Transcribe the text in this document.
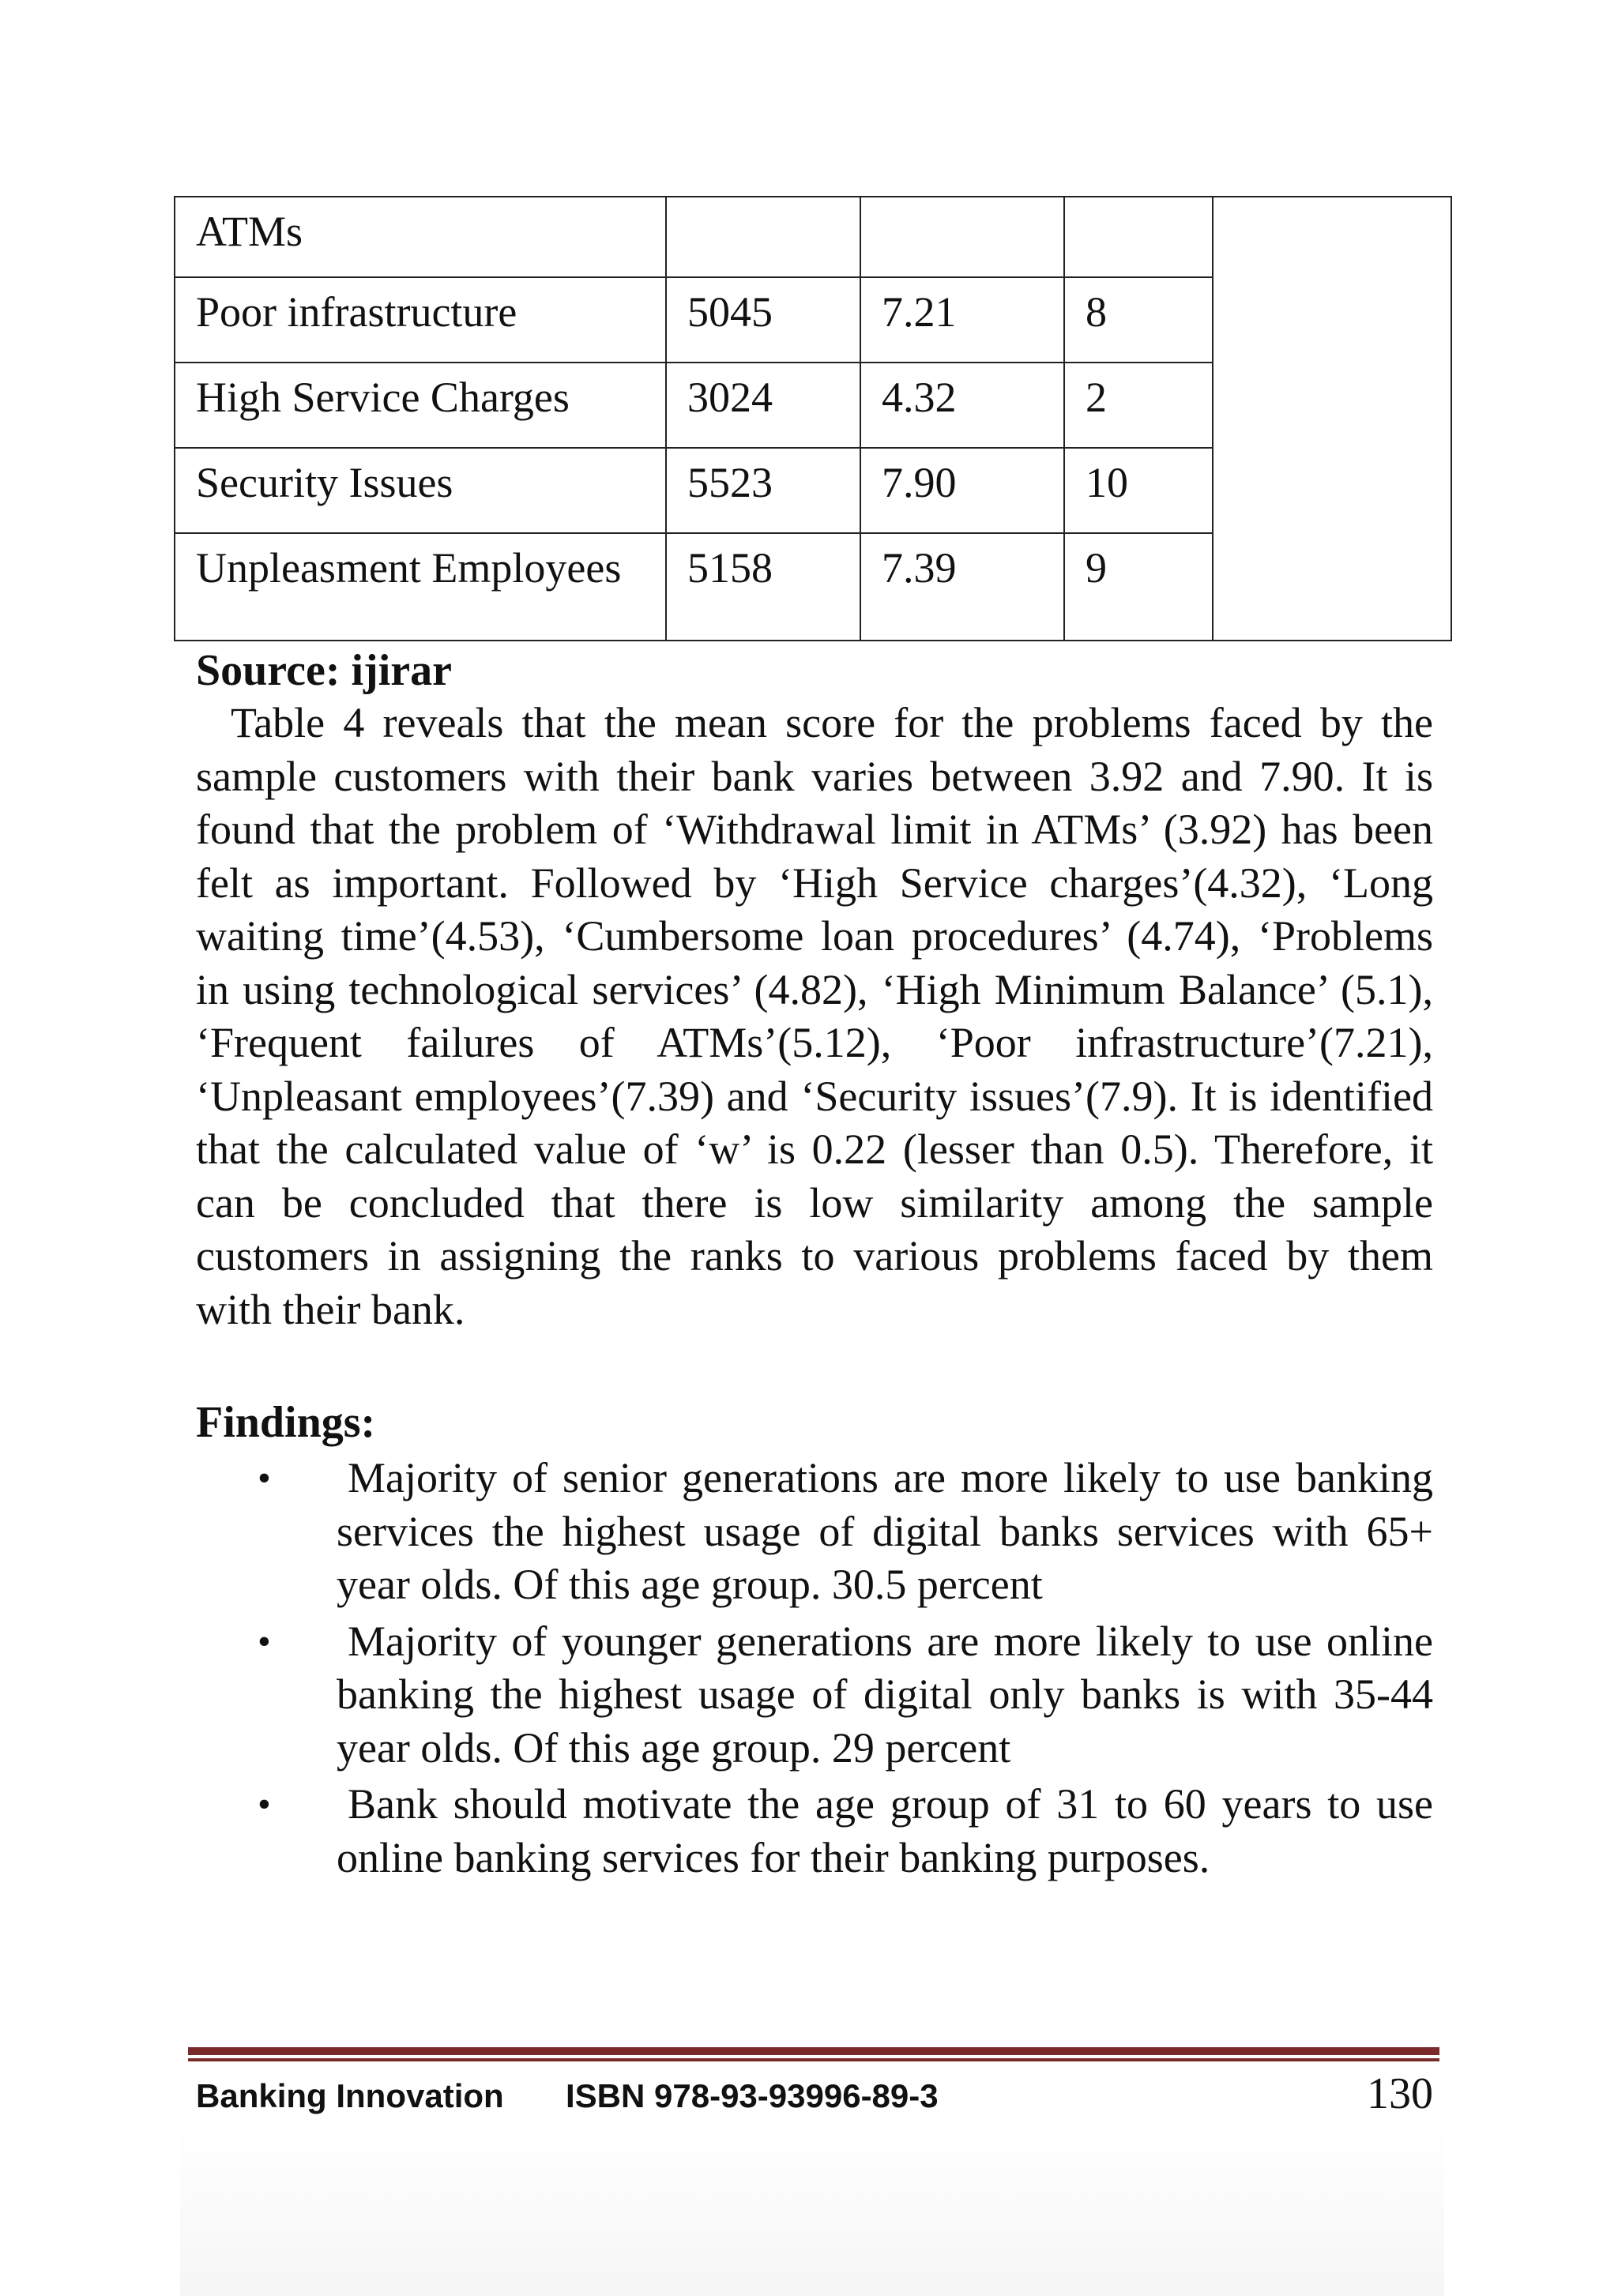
ATMs				
Poor infrastructure	5045	7.21	8	
High Service Charges	3024	4.32	2	
Security Issues	5523	7.90	10	
Unpleasment Employees	5158	7.39	9	
Source: ijirar
Table 4 reveals that the mean score for the problems faced by the sample customers with their bank varies between 3.92 and 7.90. It is found that the problem of ‘Withdrawal limit in ATMs’ (3.92) has been felt as important. Followed by ‘High Service charges’(4.32), ‘Long waiting time’(4.53), ‘Cumbersome loan procedures’ (4.74), ‘Problems in using technological services’ (4.82), ‘High Minimum Balance’ (5.1), ‘Frequent failures of ATMs’(5.12), ‘Poor infrastructure’(7.21), ‘Unpleasant employees’(7.39) and ‘Security issues’(7.9). It is identified that the calculated value of ‘w’ is 0.22 (lesser than 0.5). Therefore, it can be concluded that there is low similarity among the sample customers in assigning the ranks to various problems faced by them with their bank.
Findings:
• Majority of senior generations are more likely to use banking services the highest usage of digital banks services with 65+ year olds. Of this age group. 30.5 percent
• Majority of younger generations are more likely to use online banking the highest usage of digital only banks is with 35-44 year olds. Of this age group. 29 percent
• Bank should motivate the age group of 31 to 60 years to use online banking services for their banking purposes.
Banking Innovation ISBN 978-93-93996-89-3	130
